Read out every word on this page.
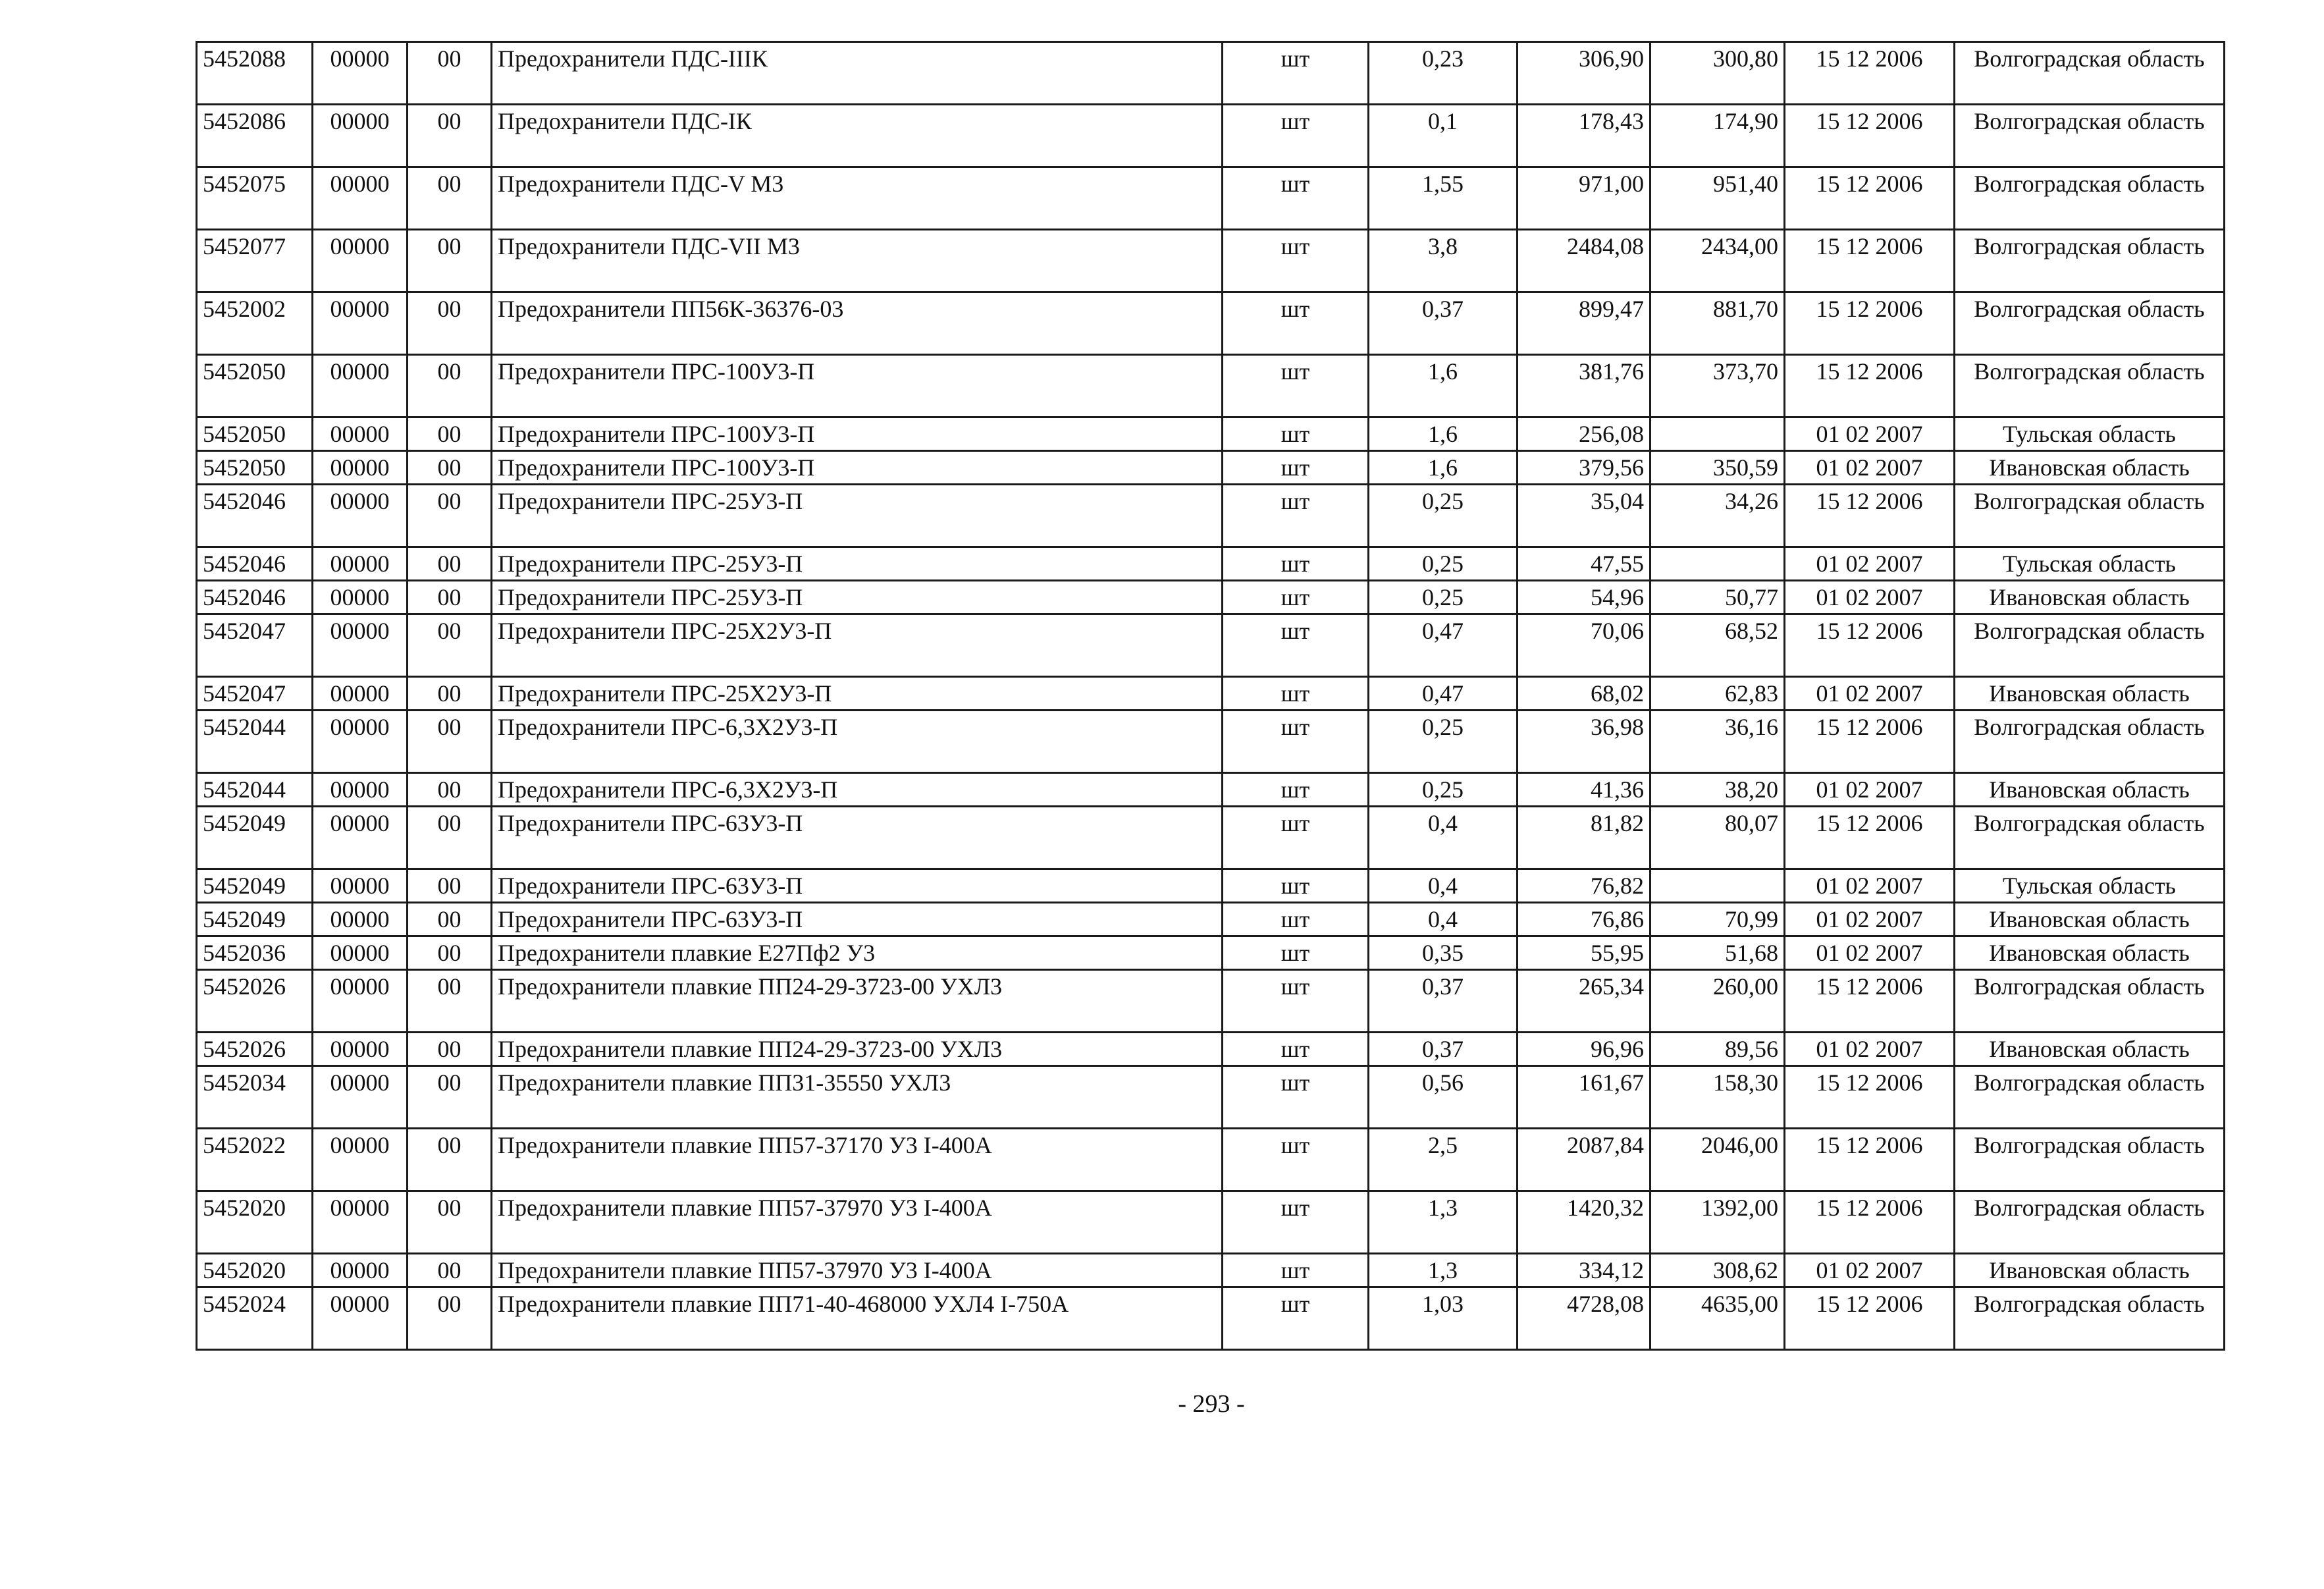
5452088	00000	00	Предохранители ПДС-IIIК	шт	0,23	306,90	300,80	15 12 2006	Волгоградская область
5452086	00000	00	Предохранители ПДС-IК	шт	0,1	178,43	174,90	15 12 2006	Волгоградская область
5452075	00000	00	Предохранители ПДС-V М3	шт	1,55	971,00	951,40	15 12 2006	Волгоградская область
5452077	00000	00	Предохранители ПДС-VII М3	шт	3,8	2484,08	2434,00	15 12 2006	Волгоградская область
5452002	00000	00	Предохранители ПП56К-36376-03	шт	0,37	899,47	881,70	15 12 2006	Волгоградская область
5452050	00000	00	Предохранители ПРС-100У3-П	шт	1,6	381,76	373,70	15 12 2006	Волгоградская область
5452050	00000	00	Предохранители ПРС-100У3-П	шт	1,6	256,08		01 02 2007	Тульская область
5452050	00000	00	Предохранители ПРС-100У3-П	шт	1,6	379,56	350,59	01 02 2007	Ивановская область
5452046	00000	00	Предохранители ПРС-25У3-П	шт	0,25	35,04	34,26	15 12 2006	Волгоградская область
5452046	00000	00	Предохранители ПРС-25У3-П	шт	0,25	47,55		01 02 2007	Тульская область
5452046	00000	00	Предохранители ПРС-25У3-П	шт	0,25	54,96	50,77	01 02 2007	Ивановская область
5452047	00000	00	Предохранители ПРС-25Х2У3-П	шт	0,47	70,06	68,52	15 12 2006	Волгоградская область
5452047	00000	00	Предохранители ПРС-25Х2У3-П	шт	0,47	68,02	62,83	01 02 2007	Ивановская область
5452044	00000	00	Предохранители ПРС-6,3Х2У3-П	шт	0,25	36,98	36,16	15 12 2006	Волгоградская область
5452044	00000	00	Предохранители ПРС-6,3Х2У3-П	шт	0,25	41,36	38,20	01 02 2007	Ивановская область
5452049	00000	00	Предохранители ПРС-63У3-П	шт	0,4	81,82	80,07	15 12 2006	Волгоградская область
5452049	00000	00	Предохранители ПРС-63У3-П	шт	0,4	76,82		01 02 2007	Тульская область
5452049	00000	00	Предохранители ПРС-63У3-П	шт	0,4	76,86	70,99	01 02 2007	Ивановская область
5452036	00000	00	Предохранители плавкие Е27Пф2 У3	шт	0,35	55,95	51,68	01 02 2007	Ивановская область
5452026	00000	00	Предохранители плавкие ПП24-29-3723-00 УХЛ3	шт	0,37	265,34	260,00	15 12 2006	Волгоградская область
5452026	00000	00	Предохранители плавкие ПП24-29-3723-00 УХЛ3	шт	0,37	96,96	89,56	01 02 2007	Ивановская область
5452034	00000	00	Предохранители плавкие ПП31-35550 УХЛ3	шт	0,56	161,67	158,30	15 12 2006	Волгоградская область
5452022	00000	00	Предохранители плавкие ПП57-37170 У3 I-400А	шт	2,5	2087,84	2046,00	15 12 2006	Волгоградская область
5452020	00000	00	Предохранители плавкие ПП57-37970 У3 I-400А	шт	1,3	1420,32	1392,00	15 12 2006	Волгоградская область
5452020	00000	00	Предохранители плавкие ПП57-37970 У3 I-400А	шт	1,3	334,12	308,62	01 02 2007	Ивановская область
5452024	00000	00	Предохранители плавкие ПП71-40-468000 УХЛ4 I-750А	шт	1,03	4728,08	4635,00	15 12 2006	Волгоградская область
- 293 -
